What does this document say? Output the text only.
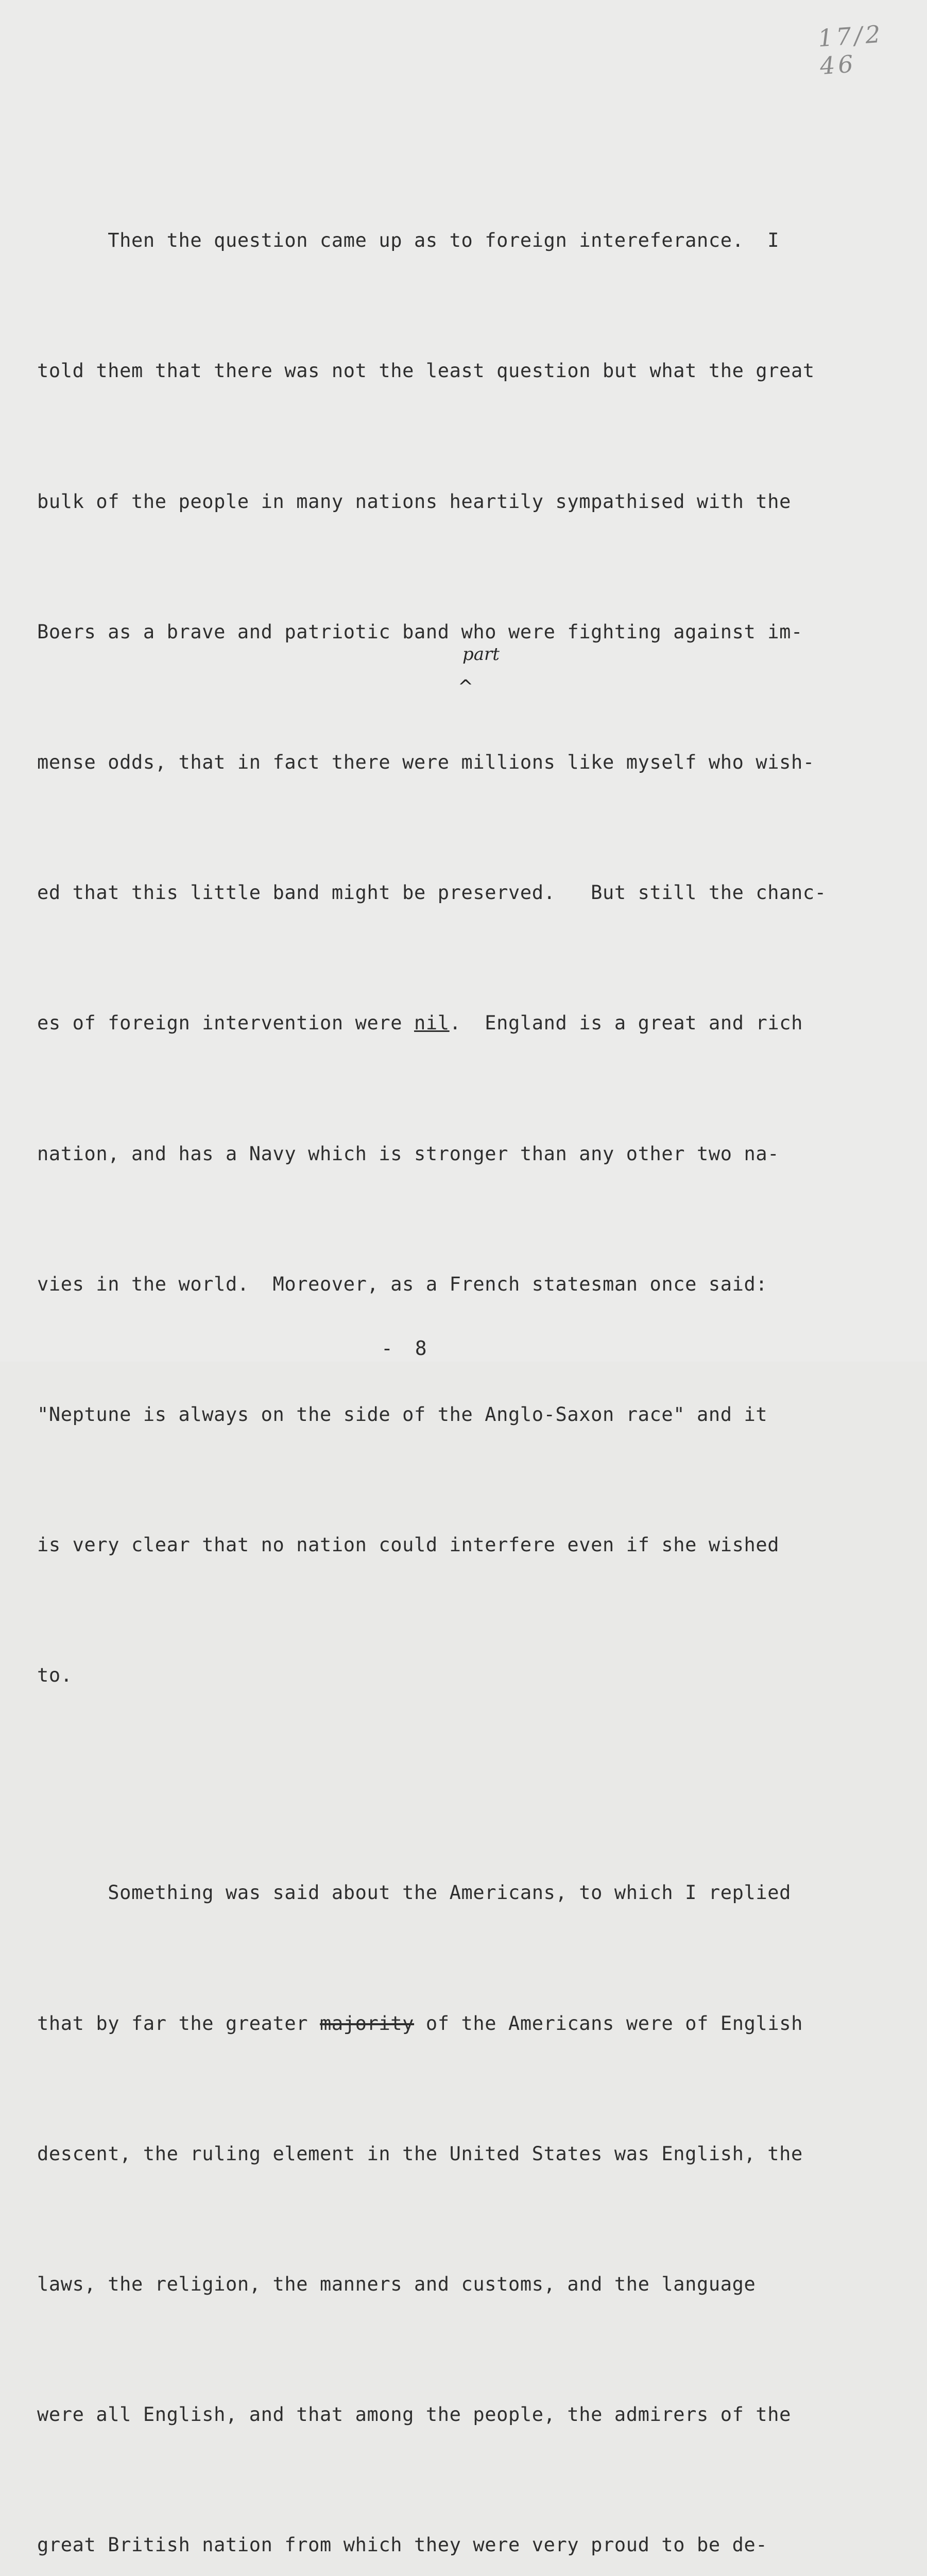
17/2 46

Then the question came up as to foreign intereferance.  I

told them that there was not the least question but what the great

bulk of the people in many nations heartily sympathised with the

Boers as a brave and patriotic band who were fighting against im-

mense odds, that in fact there were millions like myself who wish-

ed that this little band might be preserved.   But still the chanc-

es of foreign intervention were nil.  England is a great and rich

nation, and has a Navy which is stronger than any other two na-

vies in the world.  Moreover, as a French statesman once said:

"Neptune is always on the side of the Anglo-Saxon race" and it

is very clear that no nation could interfere even if she wished

to.

Something was said about the Americans, to which I replied

that by far the greater majority of the Americans were of English

descent, the ruling element in the United States was English, the

laws, the religion, the manners and customs, and the language

were all English, and that among the people, the admirers of the

great British nation from which they were very proud to be de-

part
^
- 8
